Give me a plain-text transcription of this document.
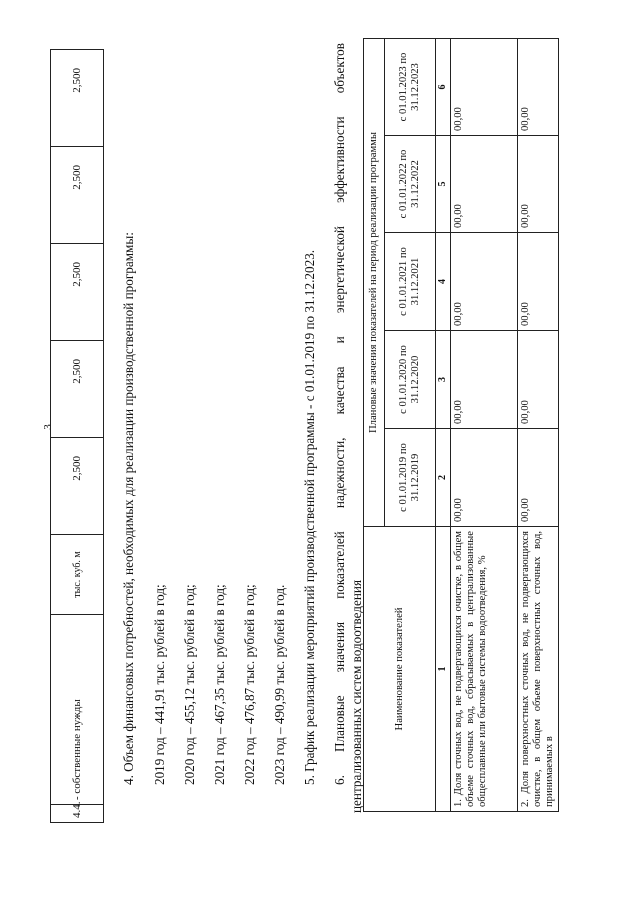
3
4.4.	- собственные нужды	тыс. куб. м	2,500	2,500	2,500	2,500	2,500
4. Объем финансовых потребностей, необходимых для реализации производственной программы: 2019 год – 441,91 тыс. рублей в год; 2020 год – 455,12 тыс. рублей в год; 2021 год – 467,35 тыс. рублей в год; 2022 год – 476,87 тыс. рублей в год; 2023 год – 490,99 тыс. рублей в год. 5. График реализации мероприятий производственной программы - с 01.01.2019 по 31.12.2023. 6. Плановые значения показателей надежности, качества и энергетической эффективности объектов централизованных систем водоотведения	Наименование показателей	Плановые значения показателей на период реализации программы				
	с 01.01.2019 по 31.12.2019	с 01.01.2020 по 31.12.2020	с 01.01.2021 по 31.12.2021	с 01.01.2022 по 31.12.2022	с 01.01.2023 по 31.12.2023
1	2	3	4	5	6
1. Доля сточных вод, не подвергающихся очистке, в общем объеме сточных вод, сбрасываемых в централизованные общесплавные или бытовые системы водоотведения, %	00,00	00,00	00,00	00,00	00,00
2. Доля поверхностных сточных вод, не подвергающихся очистке, в общем объеме поверхностных сточных вод, принимаемых в	00,00	00,00	00,00	00,00	00,00
